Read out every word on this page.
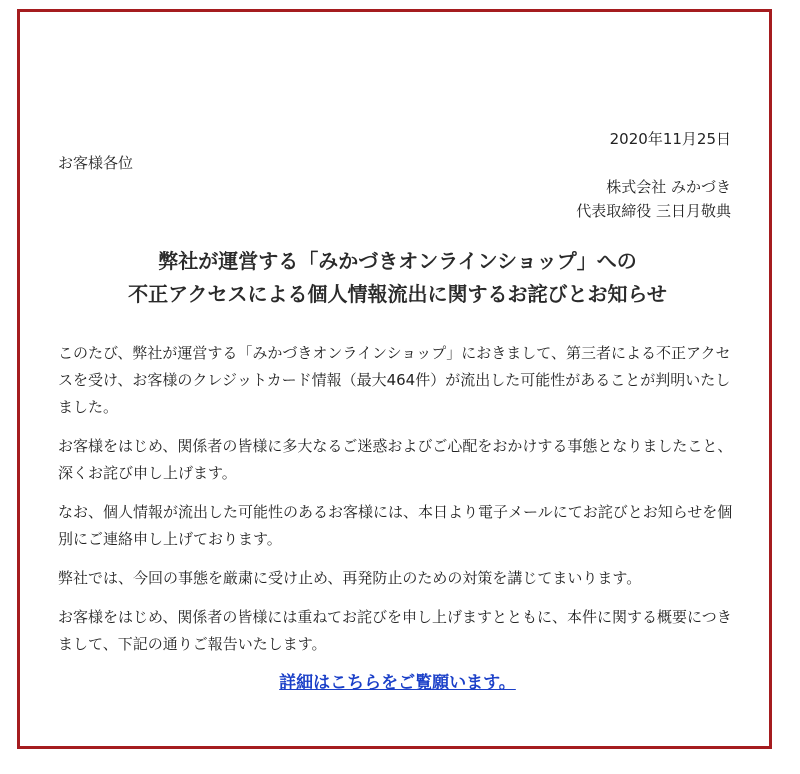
2020年11月25日
お客様各位
株式会社 みかづき
代表取締役 三日月敬典
弊社が運営する「みかづきオンラインショップ」への
不正アクセスによる個人情報流出に関するお詫びとお知らせ

このたび、弊社が運営する「みかづきオンラインショップ」におきまして、第三者による不正アクセスを受け、お客様のクレジットカード情報（最大464件）が流出した可能性があることが判明いたしました。

お客様をはじめ、関係者の皆様に多大なるご迷惑およびご心配をおかけする事態となりましたこと、深くお詫び申し上げます。

なお、個人情報が流出した可能性のあるお客様には、本日より電子メールにてお詫びとお知らせを個別にご連絡申し上げております。

弊社では、今回の事態を厳粛に受け止め、再発防止のための対策を講じてまいります。

お客様をはじめ、関係者の皆様には重ねてお詫びを申し上げますとともに、本件に関する概要につきまして、下記の通りご報告いたします。

詳細はこちらをご覧願います。
